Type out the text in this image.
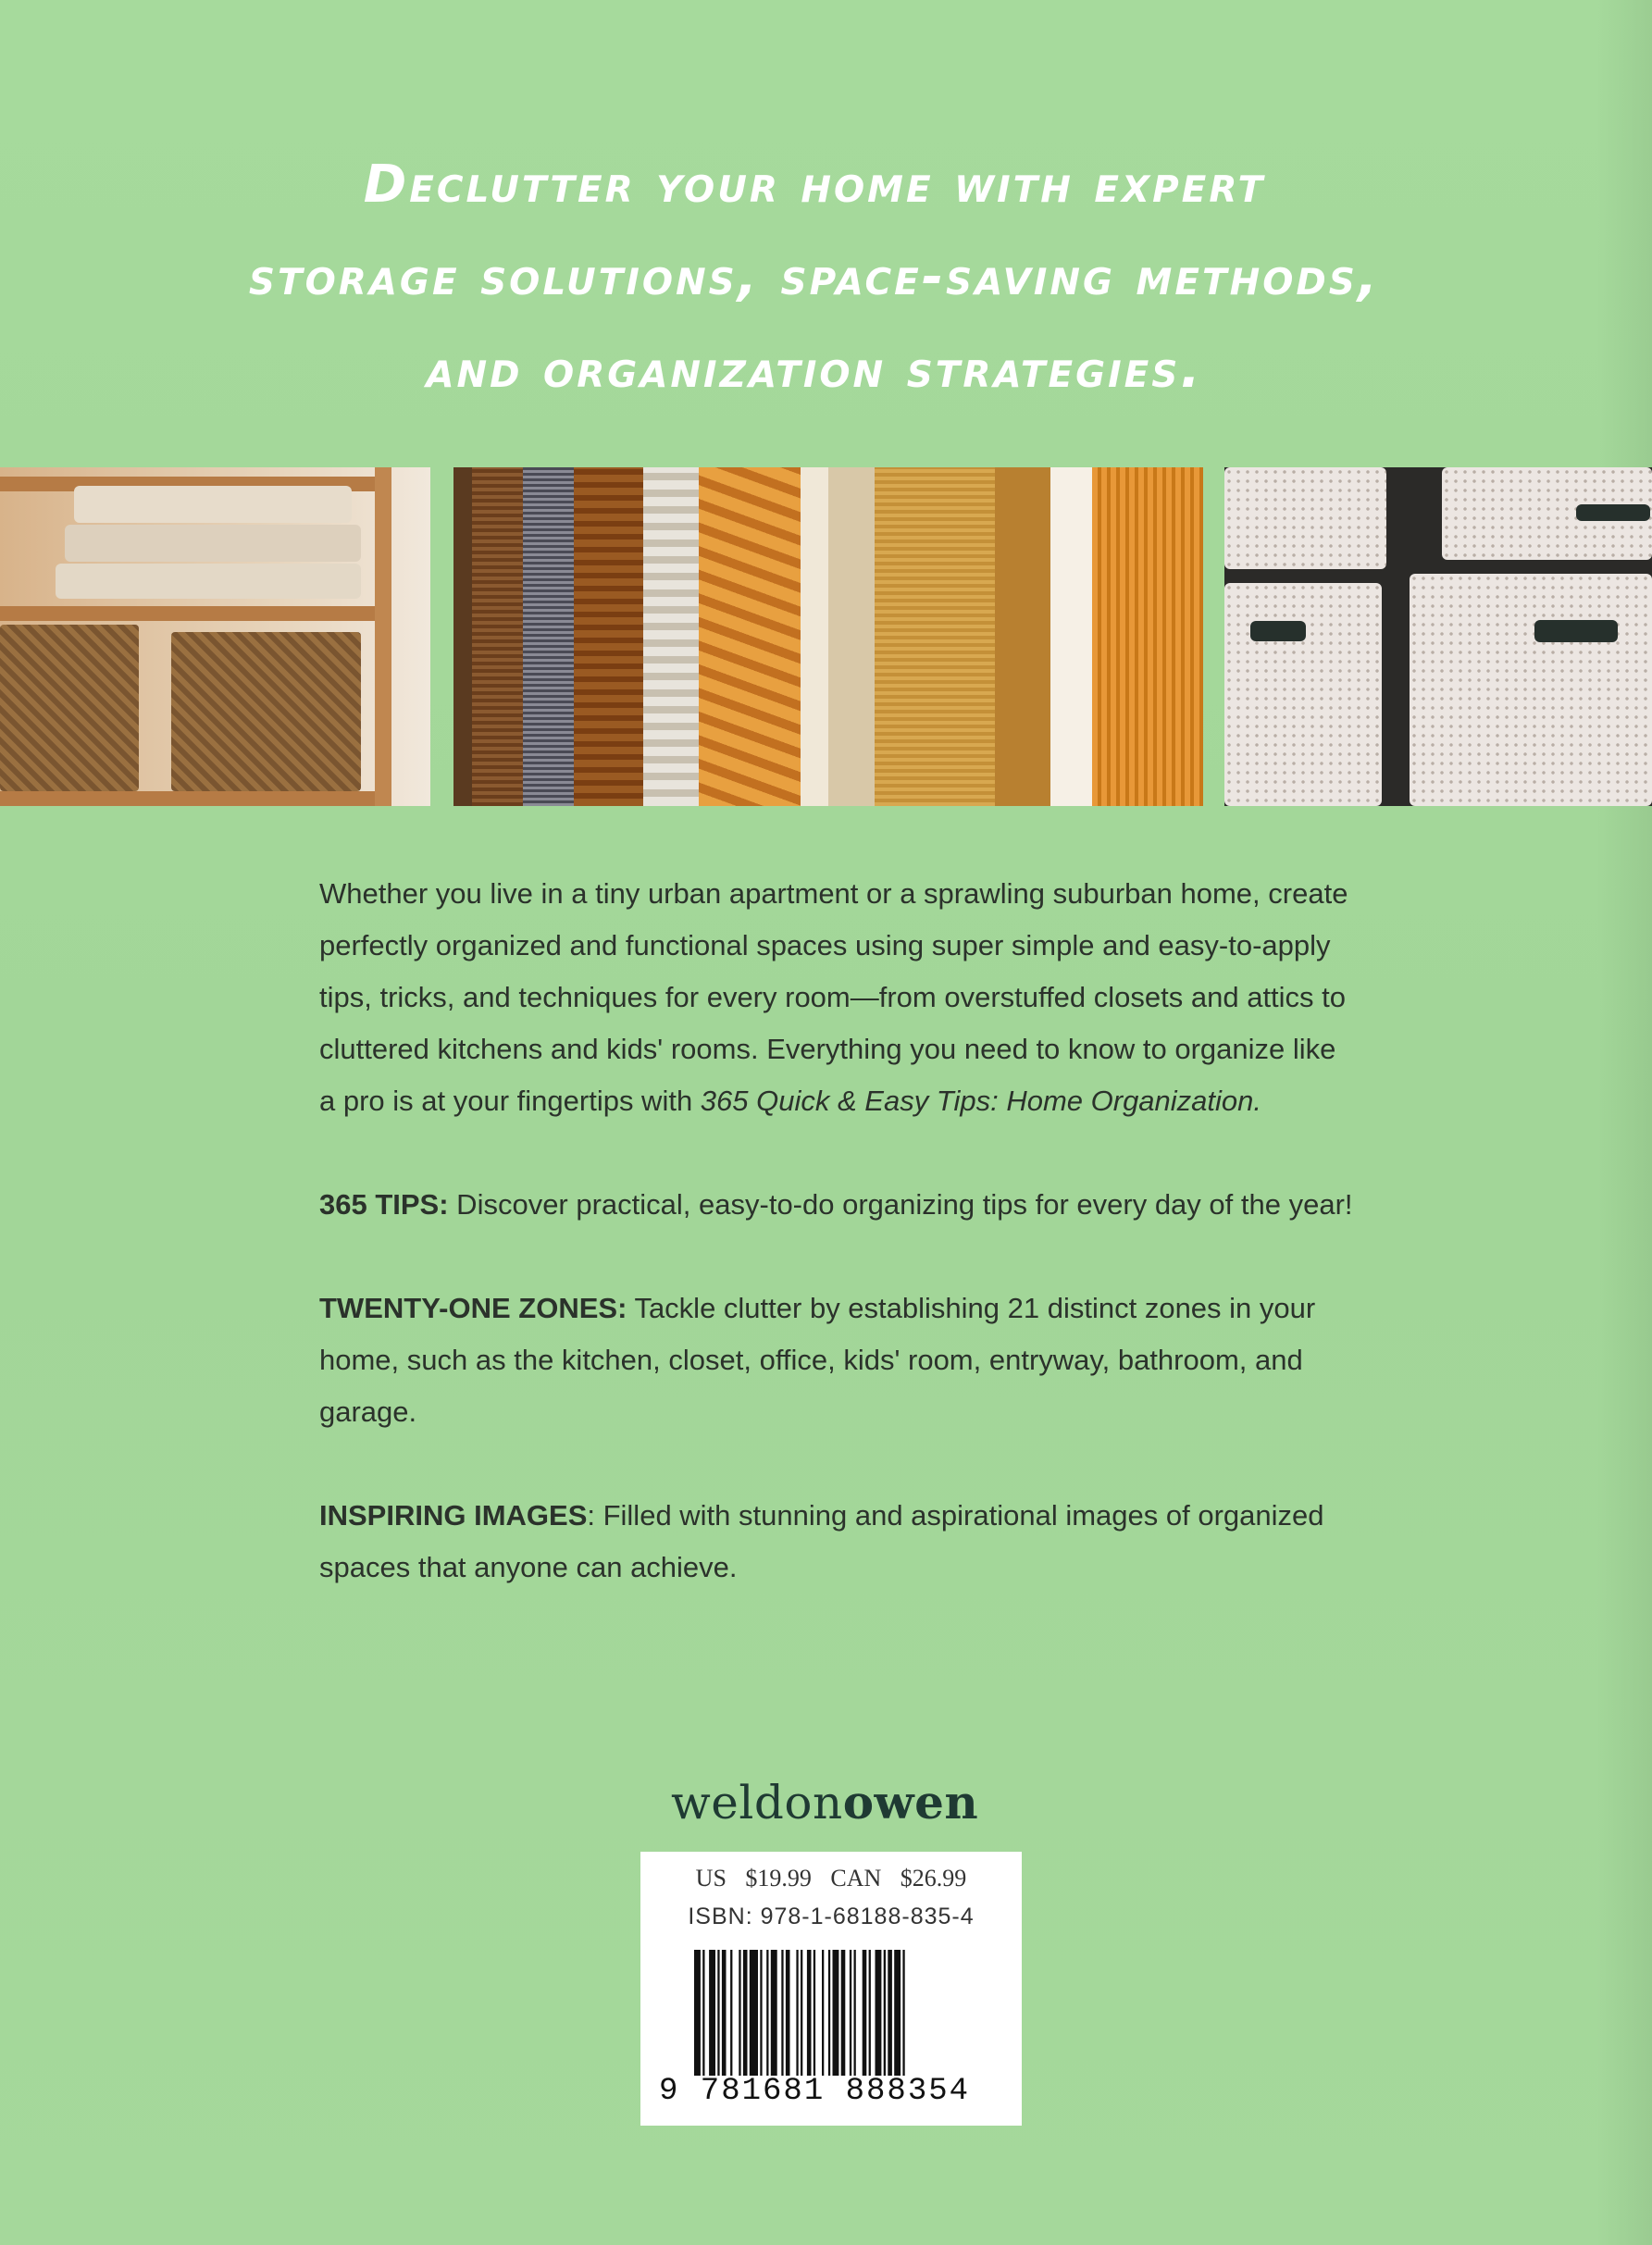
Declutter your home with expert
storage solutions, space-saving methods,
and organization strategies.

Whether you live in a tiny urban apartment or a sprawling suburban home, create perfectly organized and functional spaces using super simple and easy-to-apply tips, tricks, and techniques for every room—from overstuffed closets and attics to cluttered kitchens and kids' rooms. Everything you need to know to organize like a pro is at your fingertips with 365 Quick & Easy Tips: Home Organization.

365 TIPS: Discover practical, easy-to-do organizing tips for every day of the year!

TWENTY-ONE ZONES: Tackle clutter by establishing 21 distinct zones in your home, such as the kitchen, closet, office, kids' room, entryway, bathroom, and garage.

INSPIRING IMAGES: Filled with stunning and aspirational images of organized spaces that anyone can achieve.

weldonowen
US $19.99 CAN $26.99
ISBN: 978-1-68188-835-4
9 781681 888354
